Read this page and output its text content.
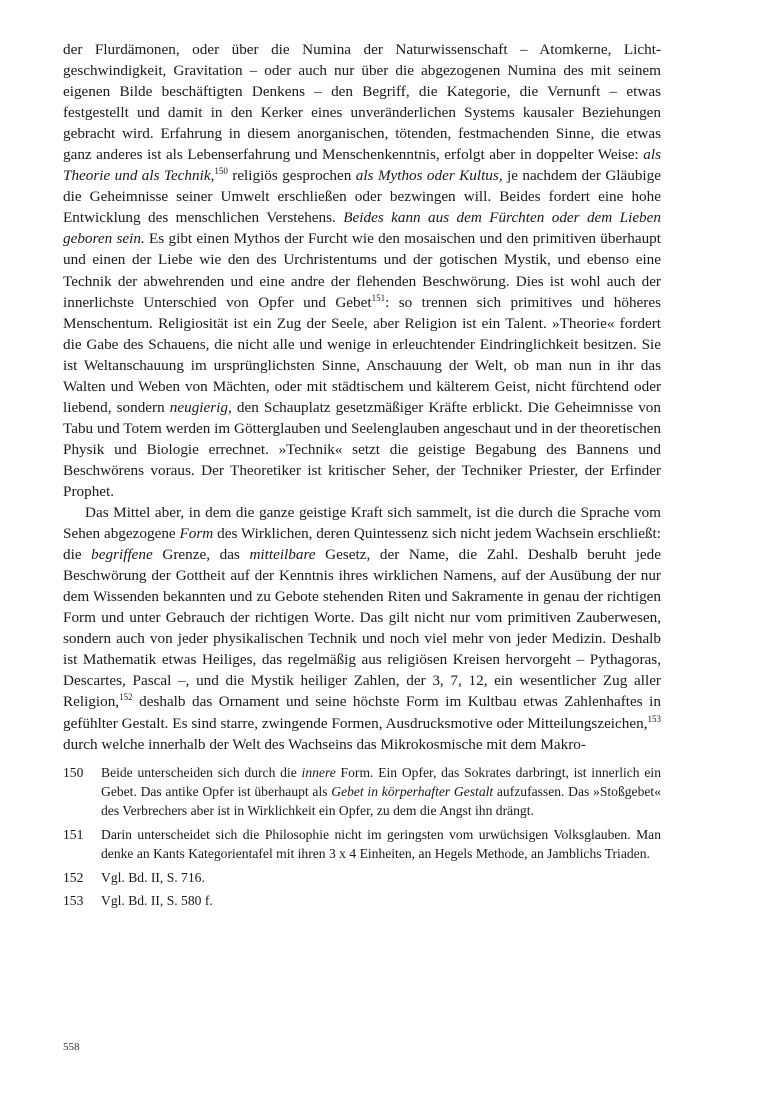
der Flurdämonen, oder über die Numina der Naturwissenschaft – Atomkerne, Lichtgeschwindigkeit, Gravitation – oder auch nur über die abgezogenen Numina des mit seinem eigenen Bilde beschäftigten Denkens – den Begriff, die Kategorie, die Vernunft – etwas festgestellt und damit in den Kerker eines unveränderlichen Systems kausaler Beziehungen gebracht wird. Erfahrung in diesem anorganischen, tötenden, festmachenden Sinne, die etwas ganz anderes ist als Lebenserfahrung und Menschenkenntnis, erfolgt aber in doppelter Weise: als Theorie und als Technik,$^{150}$ religiös gesprochen als Mythos oder Kultus, je nachdem der Gläubige die Geheimnisse seiner Umwelt erschließen oder bezwingen will. Beides fordert eine hohe Entwicklung des menschlichen Verstehens. Beides kann aus dem Fürchten oder dem Lieben geboren sein. Es gibt einen Mythos der Furcht wie den mosaischen und den primitiven überhaupt und einen der Liebe wie den des Urchristentums und der gotischen Mystik, und ebenso eine Technik der abwehrenden und eine andre der flehenden Beschwörung. Dies ist wohl auch der innerlichste Unterschied von Opfer und Gebet$^{151}$: so trennen sich primitives und höheres Menschentum. Religiosität ist ein Zug der Seele, aber Religion ist ein Talent. »Theorie« fordert die Gabe des Schauens, die nicht alle und wenige in erleuchtender Eindringlichkeit besitzen. Sie ist Weltanschauung im ursprünglichsten Sinne, Anschauung der Welt, ob man nun in ihr das Walten und Weben von Mächten, oder mit städtischem und kälterem Geist, nicht fürchtend oder liebend, sondern neugierig, den Schauplatz gesetzmäßiger Kräfte erblickt. Die Geheimnisse von Tabu und Totem werden im Götterglauben und Seelenglauben angeschaut und in der theoretischen Physik und Biologie errechnet. »Technik« setzt die geistige Begabung des Bannens und Beschwörens voraus. Der Theoretiker ist kritischer Seher, der Techniker Priester, der Erfinder Prophet.

Das Mittel aber, in dem die ganze geistige Kraft sich sammelt, ist die durch die Sprache vom Sehen abgezogene Form des Wirklichen, deren Quintessenz sich nicht jedem Wachsein erschließt: die begriffene Grenze, das mitteilbare Gesetz, der Name, die Zahl. Deshalb beruht jede Beschwörung der Gottheit auf der Kenntnis ihres wirklichen Namens, auf der Ausübung der nur dem Wissenden bekannten und zu Gebote stehenden Riten und Sakramente in genau der richtigen Form und unter Gebrauch der richtigen Worte. Das gilt nicht nur vom primitiven Zauberwesen, sondern auch von jeder physikalischen Technik und noch viel mehr von jeder Medizin. Deshalb ist Mathematik etwas Heiliges, das regelmäßig aus religiösen Kreisen hervorgeht – Pythagoras, Descartes, Pascal –, und die Mystik heiliger Zahlen, der 3, 7, 12, ein wesentlicher Zug aller Religion,$^{152}$ deshalb das Ornament und seine höchste Form im Kultbau etwas Zahlenhaftes in gefühlter Gestalt. Es sind starre, zwingende Formen, Ausdrucksmotive oder Mitteilungszeichen,$^{153}$ durch welche innerhalb der Welt des Wachseins das Mikrokosmische mit dem Makro-

150	Beide unterscheiden sich durch die innere Form. Ein Opfer, das Sokrates darbringt, ist innerlich ein Gebet. Das antike Opfer ist überhaupt als Gebet in körperhafter Gestalt aufzufassen. Das »Stoßgebet« des Verbrechers aber ist in Wirklichkeit ein Opfer, zu dem die Angst ihn drängt.
151	Darin unterscheidet sich die Philosophie nicht im geringsten vom urwüchsigen Volksglauben. Man denke an Kants Kategorientafel mit ihren 3 x 4 Einheiten, an Hegels Methode, an Jamblichs Triaden.
152	Vgl. Bd. II, S. 716.
153	Vgl. Bd. II, S. 580 f.
558
